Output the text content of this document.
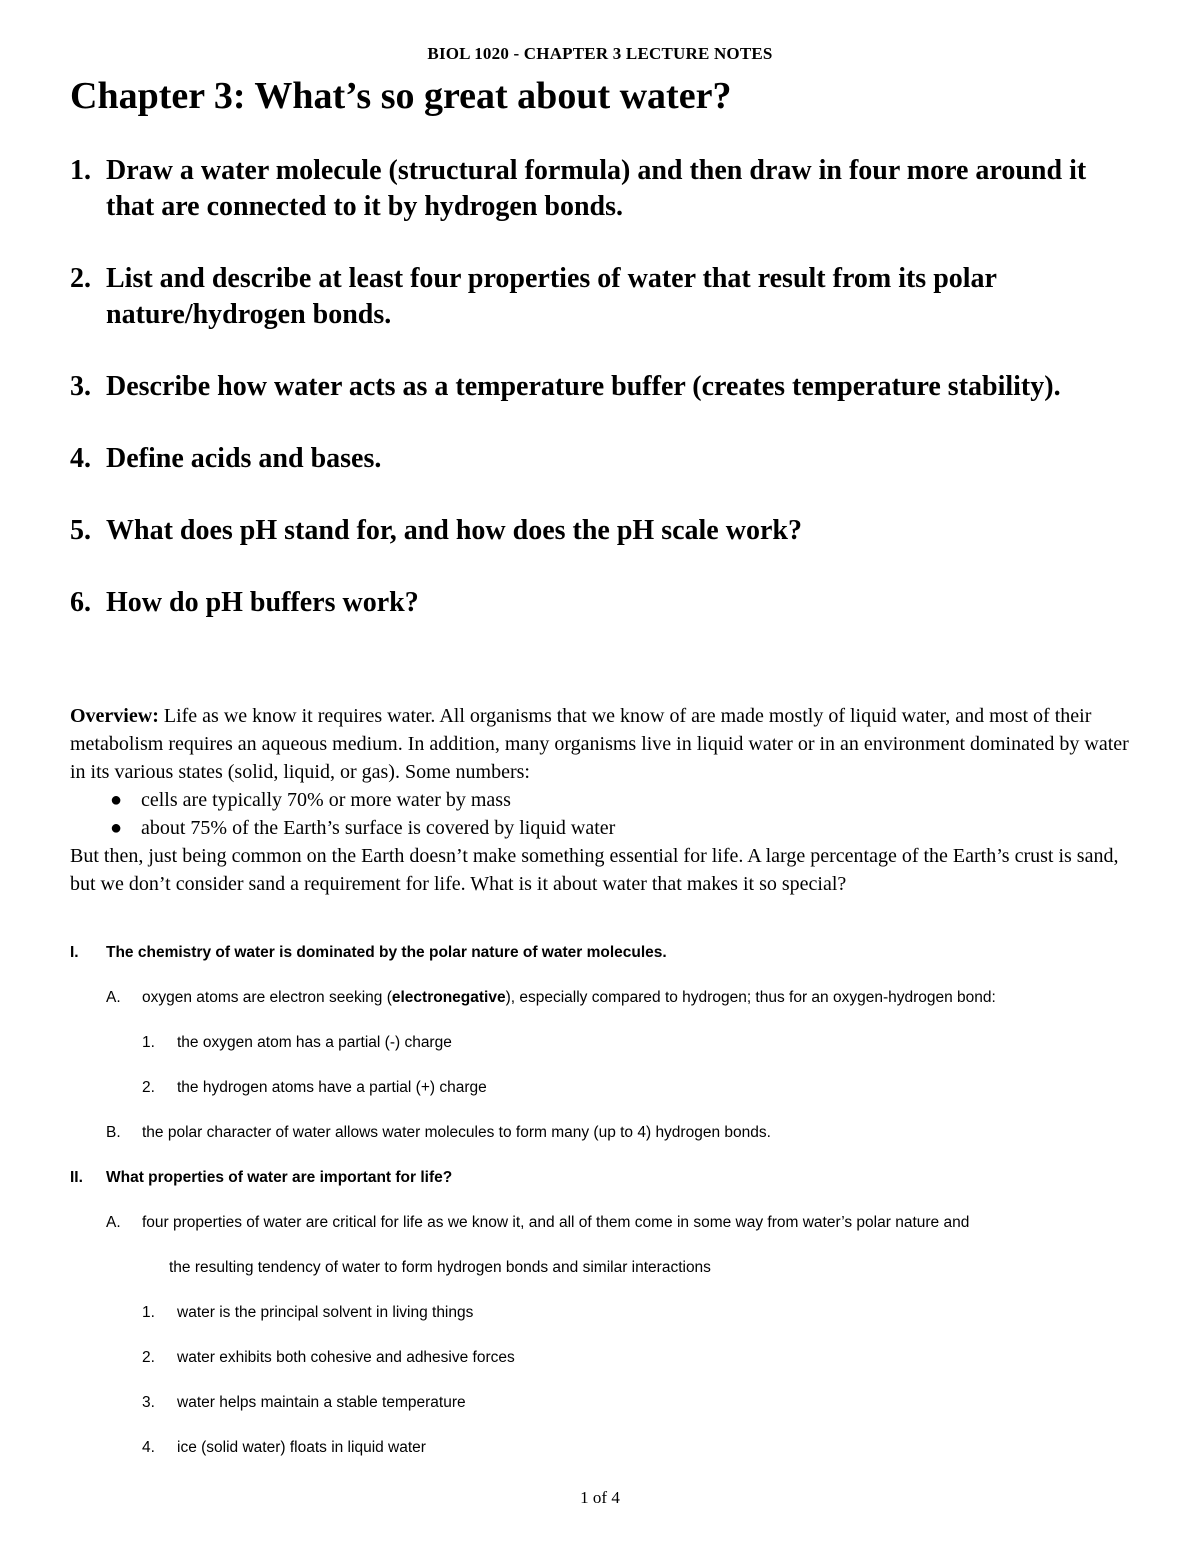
BIOL 1020 - CHAPTER 3 LECTURE NOTES
Chapter 3: What’s so great about water?
1. Draw a water molecule (structural formula) and then draw in four more around it that are connected to it by hydrogen bonds.
2. List and describe at least four properties of water that result from its polar nature/hydrogen bonds.
3. Describe how water acts as a temperature buffer (creates temperature stability).
4. Define acids and bases.
5. What does pH stand for, and how does the pH scale work?
6. How do pH buffers work?

Overview: Life as we know it requires water. All organisms that we know of are made mostly of liquid water, and most of their metabolism requires an aqueous medium. In addition, many organisms live in liquid water or in an environment dominated by water in its various states (solid, liquid, or gas). Some numbers:

● cells are typically 70% or more water by mass
● about 75% of the Earth’s surface is covered by liquid water

But then, just being common on the Earth doesn’t make something essential for life. A large percentage of the Earth’s crust is sand, but we don’t consider sand a requirement for life. What is it about water that makes it so special?

I. The chemistry of water is dominated by the polar nature of water molecules.
A. oxygen atoms are electron seeking (electronegative), especially compared to hydrogen; thus for an oxygen-hydrogen bond:
1. the oxygen atom has a partial (-) charge
2. the hydrogen atoms have a partial (+) charge
B. the polar character of water allows water molecules to form many (up to 4) hydrogen bonds.
II. What properties of water are important for life?
A. four properties of water are critical for life as we know it, and all of them come in some way from water’s polar nature and
the resulting tendency of water to form hydrogen bonds and similar interactions
1. water is the principal solvent in living things
2. water exhibits both cohesive and adhesive forces
3. water helps maintain a stable temperature
4. ice (solid water) floats in liquid water
1 of 4
